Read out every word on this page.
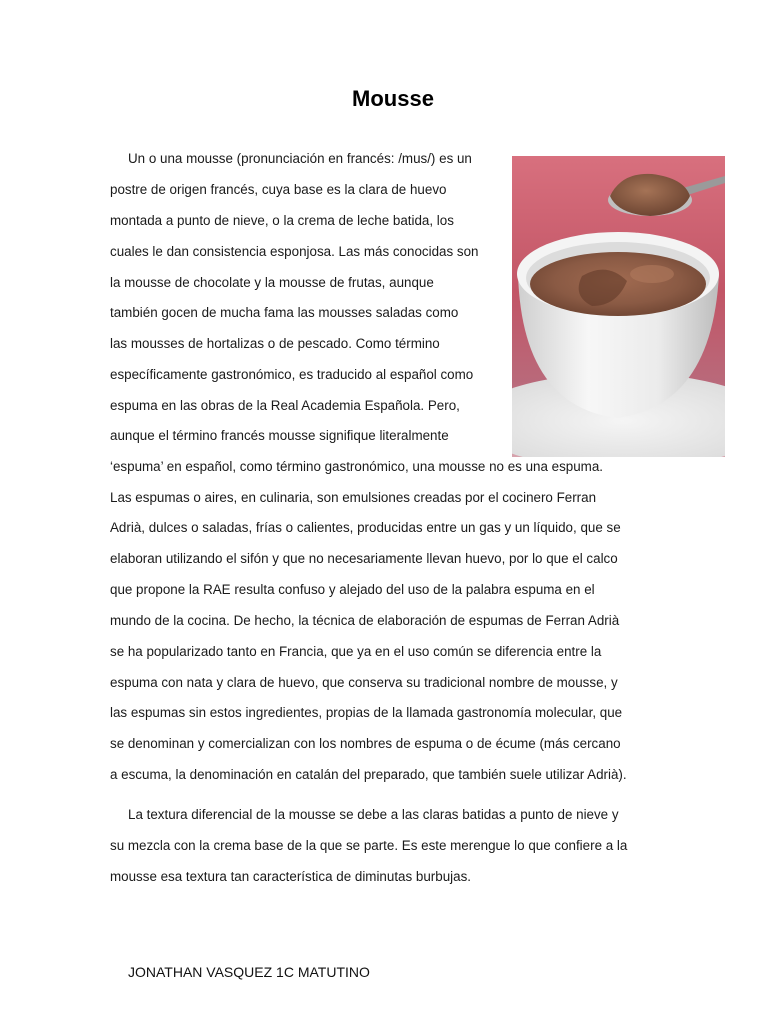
Mousse
Un o una mousse (pronunciación en francés: /mus/) es un
postre de origen francés, cuya base es la clara de huevo
montada a punto de nieve, o la crema de leche batida, los
cuales le dan consistencia esponjosa. Las más conocidas son
la mousse de chocolate y la mousse de frutas, aunque
también gocen de mucha fama las mousses saladas como
las mousses de hortalizas o de pescado. Como término
específicamente gastronómico, es traducido al español como
espuma en las obras de la Real Academia Española. Pero,
aunque el término francés mousse signifique literalmente
‘espuma’ en español, como término gastronómico, una mousse no es una espuma.
Las espumas o aires, en culinaria, son emulsiones creadas por el cocinero Ferran
Adrià, dulces o saladas, frías o calientes, producidas entre un gas y un líquido, que se
elaboran utilizando el sifón y que no necesariamente llevan huevo, por lo que el calco
que propone la RAE resulta confuso y alejado del uso de la palabra espuma en el
mundo de la cocina. De hecho, la técnica de elaboración de espumas de Ferran Adrià
se ha popularizado tanto en Francia, que ya en el uso común se diferencia entre la
espuma con nata y clara de huevo, que conserva su tradicional nombre de mousse, y
las espumas sin estos ingredientes, propias de la llamada gastronomía molecular, que
se denominan y comercializan con los nombres de espuma o de écume (más cercano
a escuma, la denominación en catalán del preparado, que también suele utilizar Adrià).
La textura diferencial de la mousse se debe a las claras batidas a punto de nieve y
su mezcla con la crema base de la que se parte. Es este merengue lo que confiere a la
mousse esa textura tan característica de diminutas burbujas.
JONATHAN VASQUEZ 1C MATUTINO
